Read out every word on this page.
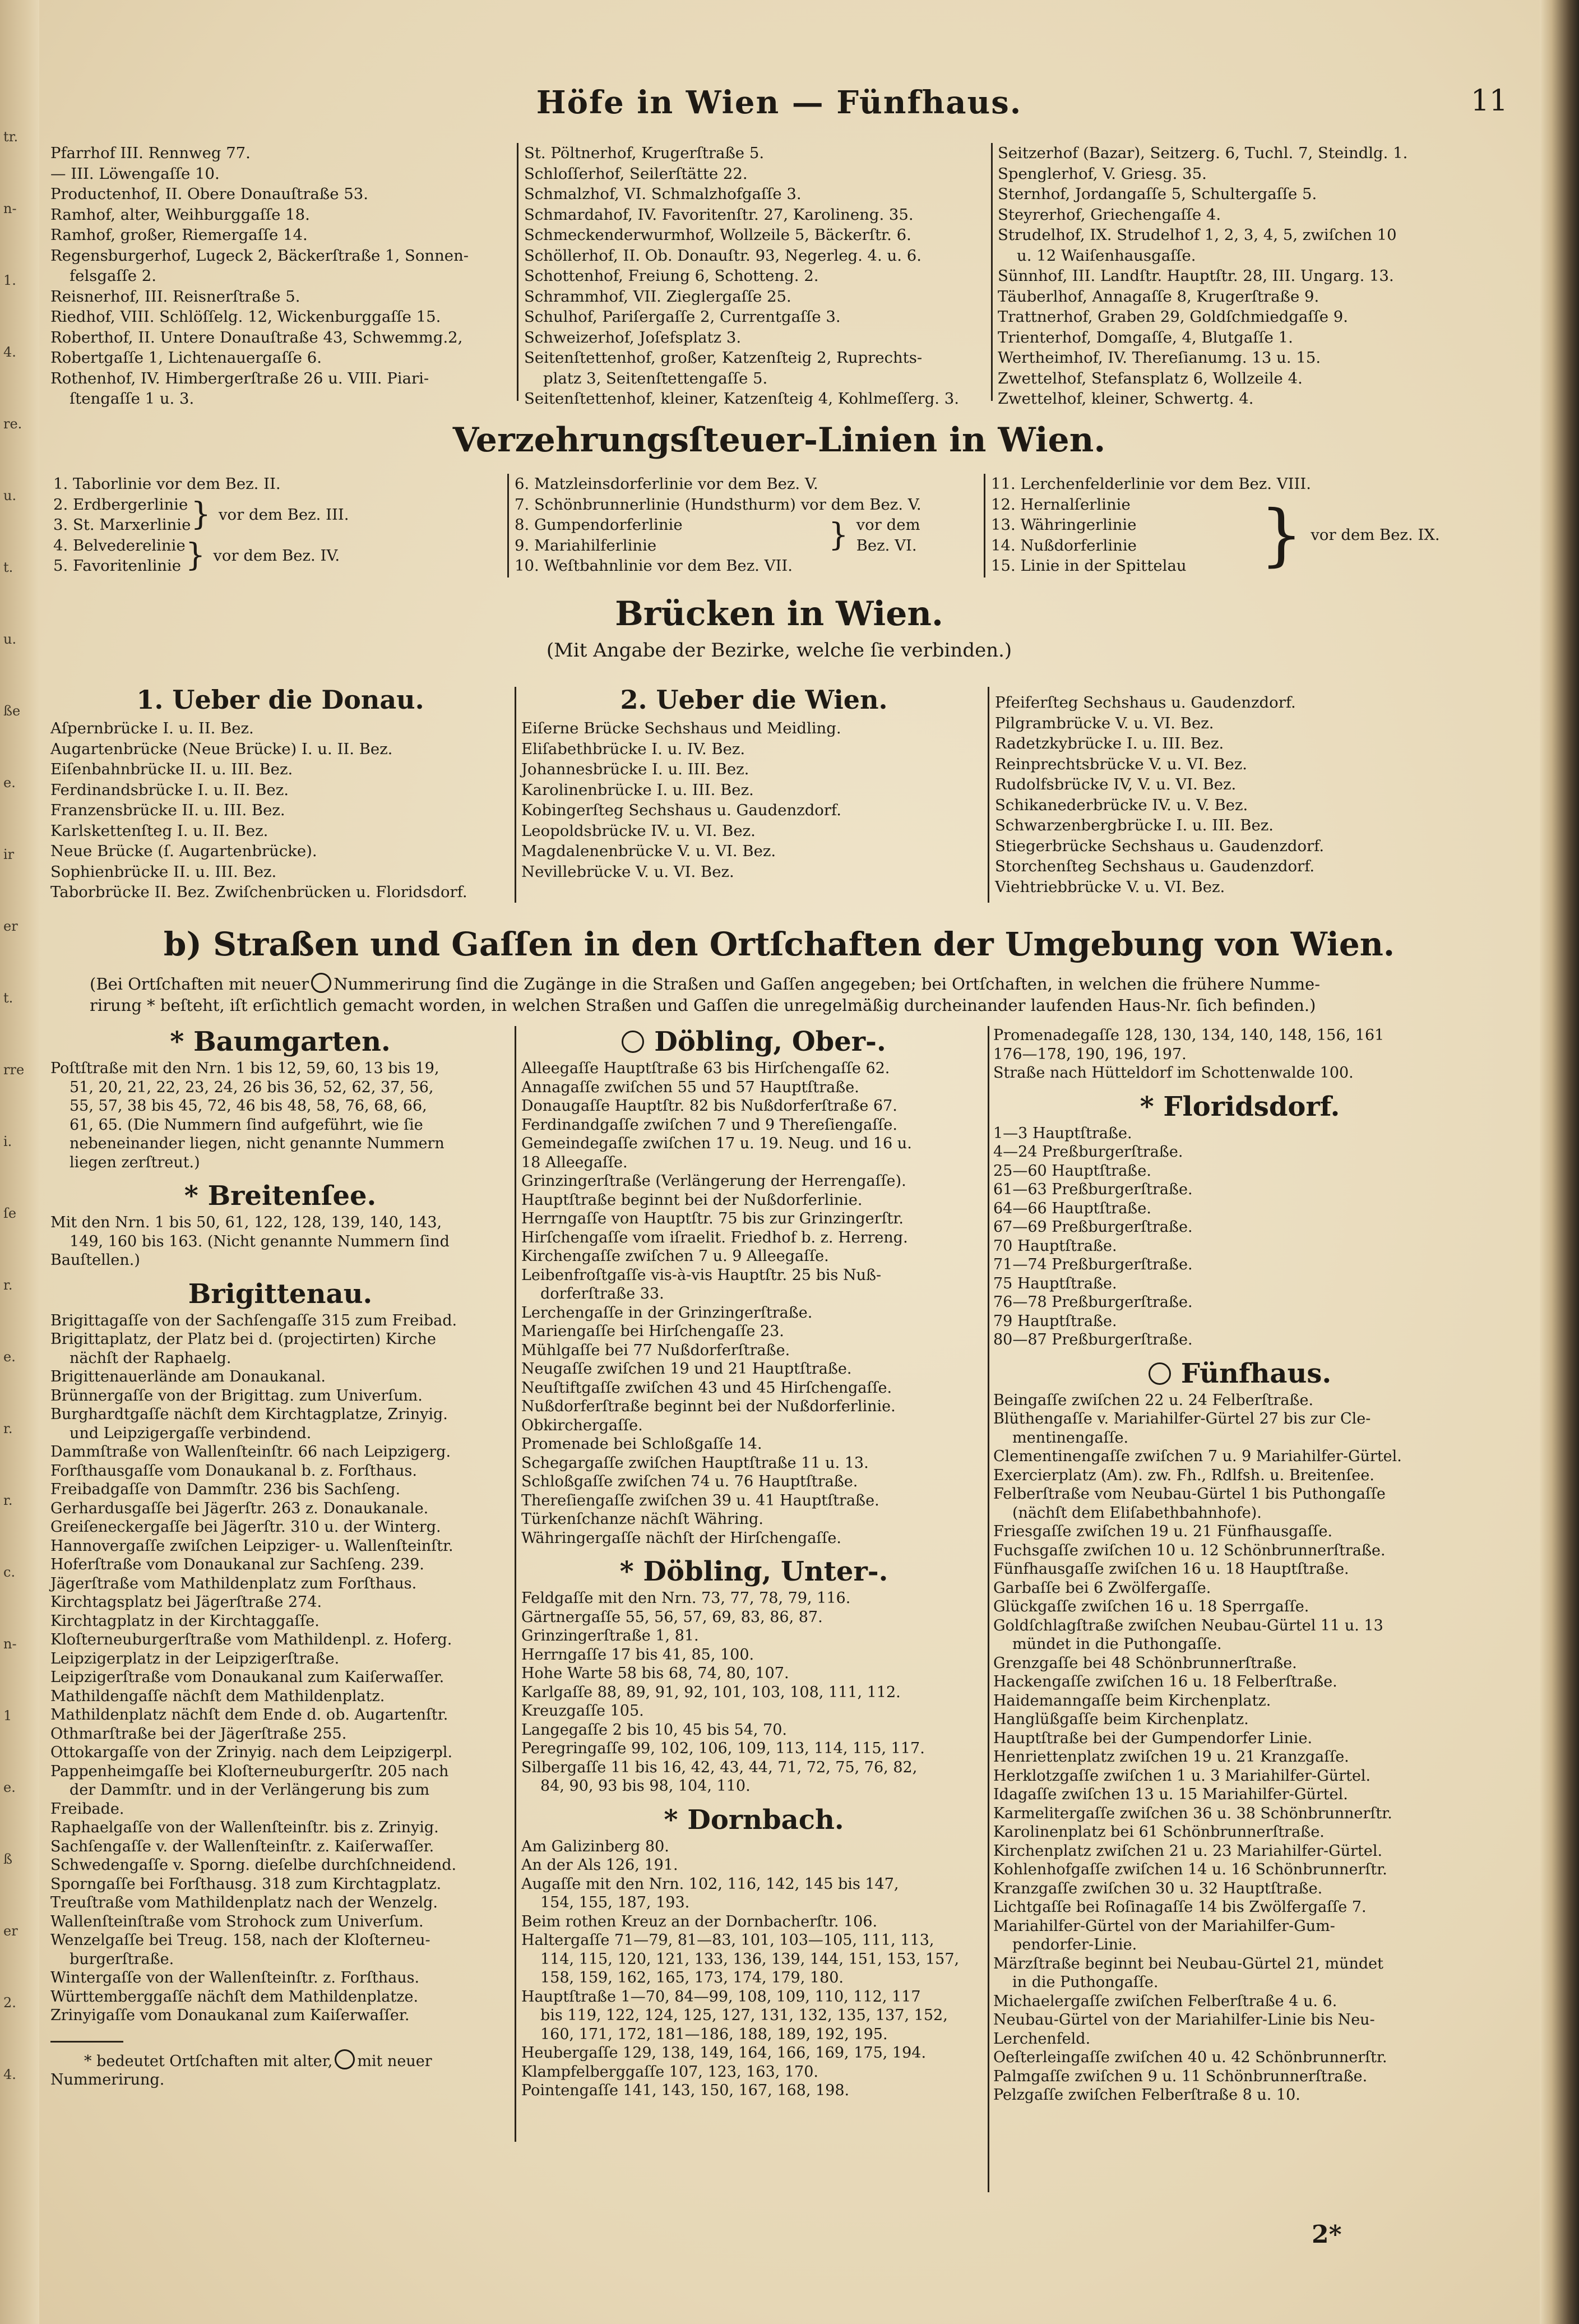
tr.
n-
1.
4.
re.
u.
t.
u.
ße
e.
ir
er
t.
rre
i.
ſe
r.
e.
r.
r.
c.
n-
1
e.
ß
er
2.
4.
Höfe in Wien — Fünfhaus.	11
Pfarrhof III. Rennweg 77.
— III. Löwengaſſe 10.
Productenhof, II. Obere Donauſtraße 53.
Ramhof, alter, Weihburggaſſe 18.
Ramhof, großer, Riemergaſſe 14.
Regensburgerhof, Lugeck 2, Bäckerſtraße 1, Sonnen-
felsgaſſe 2.
Reisnerhof, III. Reisnerſtraße 5.
Riedhof, VIII. Schlöſſelg. 12, Wickenburggaſſe 15.
Roberthof, II. Untere Donauſtraße 43, Schwemmg.2,
Robertgaſſe 1, Lichtenauergaſſe 6.
Rothenhof, IV. Himbergerſtraße 26 u. VIII. Piari-
ſtengaſſe 1 u. 3.
St. Pöltnerhof, Krugerſtraße 5.
Schloſſerhof, Seilerſtätte 22.
Schmalzhof, VI. Schmalzhofgaſſe 3.
Schmardahof, IV. Favoritenſtr. 27, Karolineng. 35.
Schmeckenderwurmhof, Wollzeile 5, Bäckerſtr. 6.
Schöllerhof, II. Ob. Donauſtr. 93, Negerleg. 4. u. 6.
Schottenhof, Freiung 6, Schotteng. 2.
Schrammhof, VII. Zieglergaſſe 25.
Schulhof, Pariſergaſſe 2, Currentgaſſe 3.
Schweizerhof, Joſefsplatz 3.
Seitenſtettenhof, großer, Katzenſteig 2, Ruprechts-
platz 3, Seitenſtettengaſſe 5.
Seitenſtettenhof, kleiner, Katzenſteig 4, Kohlmeſſerg. 3.
Seitzerhof (Bazar), Seitzerg. 6, Tuchl. 7, Steindlg. 1.
Spenglerhof, V. Griesg. 35.
Sternhof, Jordangaſſe 5, Schultergaſſe 5.
Steyrerhof, Griechengaſſe 4.
Strudelhof, IX. Strudelhof 1, 2, 3, 4, 5, zwiſchen 10
u. 12 Waiſenhausgaſſe.
Sünnhof, III. Landſtr. Hauptſtr. 28, III. Ungarg. 13.
Täuberlhof, Annagaſſe 8, Krugerſtraße 9.
Trattnerhof, Graben 29, Goldſchmiedgaſſe 9.
Trienterhof, Domgaſſe, 4, Blutgaſſe 1.
Wertheimhof, IV. Thereſianumg. 13 u. 15.
Zwettelhof, Stefansplatz 6, Wollzeile 4.
Zwettelhof, kleiner, Schwertg. 4.
Verzehrungsſteuer-Linien in Wien.
1. Taborlinie vor dem Bez. II.
2. Erdbergerlinie
3. St. Marxerlinie } vor dem Bez. III.
4. Belvederelinie
5. Favoritenlinie } vor dem Bez. IV.
6. Matzleinsdorferlinie vor dem Bez. V.
7. Schönbrunnerlinie (Hundsthurm) vor dem Bez. V.
8. Gumpendorferlinie
9. Mariahilferlinie	} vor dem
Bez. VI.
10. Weſtbahnlinie vor dem Bez. VII.
11. Lerchenfelderlinie vor dem Bez. VIII.
12. Hernalſerlinie
13. Währingerlinie
14. Nußdorferlinie
15. Linie in der Spittelau	} vor dem Bez. IX.
Brücken in Wien.
(Mit Angabe der Bezirke, welche ſie verbinden.)
1. Ueber die Donau.
Aſpernbrücke I. u. II. Bez.
Augartenbrücke (Neue Brücke) I. u. II. Bez.
Eiſenbahnbrücke II. u. III. Bez.
Ferdinandsbrücke I. u. II. Bez.
Franzensbrücke II. u. III. Bez.
Karlskettenſteg I. u. II. Bez.
Neue Brücke (ſ. Augartenbrücke).
Sophienbrücke II. u. III. Bez.
Taborbrücke II. Bez. Zwiſchenbrücken u. Floridsdorf.
2. Ueber die Wien.
Eiſerne Brücke Sechshaus und Meidling.
Eliſabethbrücke I. u. IV. Bez.
Johannesbrücke I. u. III. Bez.
Karolinenbrücke I. u. III. Bez.
Kobingerſteg Sechshaus u. Gaudenzdorf.
Leopoldsbrücke IV. u. VI. Bez.
Magdalenenbrücke V. u. VI. Bez.
Nevillebrücke V. u. VI. Bez.
Pfeiferſteg Sechshaus u. Gaudenzdorf.
Pilgrambrücke V. u. VI. Bez.
Radetzkybrücke I. u. III. Bez.
Reinprechtsbrücke V. u. VI. Bez.
Rudolfsbrücke IV, V. u. VI. Bez.
Schikanederbrücke IV. u. V. Bez.
Schwarzenbergbrücke I. u. III. Bez.
Stiegerbrücke Sechshaus u. Gaudenzdorf.
Storchenſteg Sechshaus u. Gaudenzdorf.
Viehtriebbrücke V. u. VI. Bez.
b) Straßen und Gaſſen in den Ortſchaften der Umgebung von Wien.
(Bei Ortſchaften mit neuer Nummerirung ſind die Zugänge in die Straßen und Gaſſen angegeben; bei Ortſchaften, in welchen die frühere Numme-
rirung * beſteht, iſt erſichtlich gemacht worden, in welchen Straßen und Gaſſen die unregelmäßig durcheinander laufenden Haus-Nr. ſich befinden.)
* Baumgarten.
Poſtſtraße mit den Nrn. 1 bis 12, 59, 60, 13 bis 19,
51, 20, 21, 22, 23, 24, 26 bis 36, 52, 62, 37, 56,
55, 57, 38 bis 45, 72, 46 bis 48, 58, 76, 68, 66,
61, 65. (Die Nummern ſind aufgeführt, wie ſie
nebeneinander liegen, nicht genannte Nummern
liegen zerſtreut.)
* Breitenſee.
Mit den Nrn. 1 bis 50, 61, 122, 128, 139, 140, 143,
149, 160 bis 163. (Nicht genannte Nummern ſind
Bauſtellen.)
Brigittenau.
Brigittagaſſe von der Sachſengaſſe 315 zum Freibad.
Brigittaplatz, der Platz bei d. (projectirten) Kirche
nächſt der Raphaelg.
Brigittenauerlände am Donaukanal.
Brünnergaſſe von der Brigittag. zum Univerſum.
Burghardtgaſſe nächſt dem Kirchtagplatze, Zrinyig.
und Leipzigergaſſe verbindend.
Dammſtraße von Wallenſteinſtr. 66 nach Leipzigerg.
Forſthausgaſſe vom Donaukanal b. z. Forſthaus.
Freibadgaſſe von Dammſtr. 236 bis Sachſeng.
Gerhardusgaſſe bei Jägerſtr. 263 z. Donaukanale.
Greiſeneckergaſſe bei Jägerſtr. 310 u. der Winterg.
Hannovergaſſe zwiſchen Leipziger- u. Wallenſteinſtr.
Hoferſtraße vom Donaukanal zur Sachſeng. 239.
Jägerſtraße vom Mathildenplatz zum Forſthaus.
Kirchtagsplatz bei Jägerſtraße 274.
Kirchtagplatz in der Kirchtaggaſſe.
Kloſterneuburgerſtraße vom Mathildenpl. z. Hoferg.
Leipzigerplatz in der Leipzigerſtraße.
Leipzigerſtraße vom Donaukanal zum Kaiſerwaſſer.
Mathildengaſſe nächſt dem Mathildenplatz.
Mathildenplatz nächſt dem Ende d. ob. Augartenſtr.
Othmarſtraße bei der Jägerſtraße 255.
Ottokargaſſe von der Zrinyig. nach dem Leipzigerpl.
Pappenheimgaſſe bei Kloſterneuburgerſtr. 205 nach
der Dammſtr. und in der Verlängerung bis zum
Freibade.
Raphaelgaſſe von der Wallenſteinſtr. bis z. Zrinyig.
Sachſengaſſe v. der Wallenſteinſtr. z. Kaiſerwaſſer.
Schwedengaſſe v. Sporng. dieſelbe durchſchneidend.
Sporngaſſe bei Forſthausg. 318 zum Kirchtagplatz.
Treuſtraße vom Mathildenplatz nach der Wenzelg.
Wallenſteinſtraße vom Strohock zum Univerſum.
Wenzelgaſſe bei Treug. 158, nach der Kloſterneu-
burgerſtraße.
Wintergaſſe von der Wallenſteinſtr. z. Forſthaus.
Württemberggaſſe nächſt dem Mathildenplatze.
Zrinyigaſſe vom Donaukanal zum Kaiſerwaſſer.
* bedeutet Ortſchaften mit alter, mit neuer
Nummerirung.
Döbling, Ober-.
Alleegaſſe Hauptſtraße 63 bis Hirſchengaſſe 62.
Annagaſſe zwiſchen 55 und 57 Hauptſtraße.
Donaugaſſe Hauptſtr. 82 bis Nußdorferſtraße 67.
Ferdinandgaſſe zwiſchen 7 und 9 Thereſiengaſſe.
Gemeindegaſſe zwiſchen 17 u. 19. Neug. und 16 u.
18 Alleegaſſe.
Grinzingerſtraße (Verlängerung der Herrengaſſe).
Hauptſtraße beginnt bei der Nußdorferlinie.
Herrngaſſe von Hauptſtr. 75 bis zur Grinzingerſtr.
Hirſchengaſſe vom iſraelit. Friedhof b. z. Herreng.
Kirchengaſſe zwiſchen 7 u. 9 Alleegaſſe.
Leibenfroſtgaſſe vis-à-vis Hauptſtr. 25 bis Nuß-
dorferſtraße 33.
Lerchengaſſe in der Grinzingerſtraße.
Mariengaſſe bei Hirſchengaſſe 23.
Mühlgaſſe bei 77 Nußdorferſtraße.
Neugaſſe zwiſchen 19 und 21 Hauptſtraße.
Neuſtiftgaſſe zwiſchen 43 und 45 Hirſchengaſſe.
Nußdorferſtraße beginnt bei der Nußdorferlinie.
Obkirchergaſſe.
Promenade bei Schloßgaſſe 14.
Schegargaſſe zwiſchen Hauptſtraße 11 u. 13.
Schloßgaſſe zwiſchen 74 u. 76 Hauptſtraße.
Thereſiengaſſe zwiſchen 39 u. 41 Hauptſtraße.
Türkenſchanze nächſt Währing.
Währingergaſſe nächſt der Hirſchengaſſe.
* Döbling, Unter-.
Feldgaſſe mit den Nrn. 73, 77, 78, 79, 116.
Gärtnergaſſe 55, 56, 57, 69, 83, 86, 87.
Grinzingerſtraße 1, 81.
Herrngaſſe 17 bis 41, 85, 100.
Hohe Warte 58 bis 68, 74, 80, 107.
Karlgaſſe 88, 89, 91, 92, 101, 103, 108, 111, 112.
Kreuzgaſſe 105.
Langegaſſe 2 bis 10, 45 bis 54, 70.
Peregringaſſe 99, 102, 106, 109, 113, 114, 115, 117.
Silbergaſſe 11 bis 16, 42, 43, 44, 71, 72, 75, 76, 82,
84, 90, 93 bis 98, 104, 110.
* Dornbach.
Am Galizinberg 80.
An der Als 126, 191.
Augaſſe mit den Nrn. 102, 116, 142, 145 bis 147,
154, 155, 187, 193.
Beim rothen Kreuz an der Dornbacherſtr. 106.
Haltergaſſe 71—79, 81—83, 101, 103—105, 111, 113,
114, 115, 120, 121, 133, 136, 139, 144, 151, 153, 157,
158, 159, 162, 165, 173, 174, 179, 180.
Hauptſtraße 1—70, 84—99, 108, 109, 110, 112, 117
bis 119, 122, 124, 125, 127, 131, 132, 135, 137, 152,
160, 171, 172, 181—186, 188, 189, 192, 195.
Heubergaſſe 129, 138, 149, 164, 166, 169, 175, 194.
Klampfelberggaſſe 107, 123, 163, 170.
Pointengaſſe 141, 143, 150, 167, 168, 198.
Promenadegaſſe 128, 130, 134, 140, 148, 156, 161
176—178, 190, 196, 197.
Straße nach Hütteldorf im Schottenwalde 100.
* Floridsdorf.
1—3 Hauptſtraße.
4—24 Preßburgerſtraße.
25—60 Hauptſtraße.
61—63 Preßburgerſtraße.
64—66 Hauptſtraße.
67—69 Preßburgerſtraße.
70 Hauptſtraße.
71—74 Preßburgerſtraße.
75 Hauptſtraße.
76—78 Preßburgerſtraße.
79 Hauptſtraße.
80—87 Preßburgerſtraße.
Fünfhaus.
Beingaſſe zwiſchen 22 u. 24 Felberſtraße.
Blüthengaſſe v. Mariahilfer-Gürtel 27 bis zur Cle-
mentinengaſſe.
Clementinengaſſe zwiſchen 7 u. 9 Mariahilfer-Gürtel.
Exercierplatz (Am). zw. Fh., Rdlfsh. u. Breitenſee.
Felberſtraße vom Neubau-Gürtel 1 bis Puthongaſſe
(nächſt dem Eliſabethbahnhofe).
Friesgaſſe zwiſchen 19 u. 21 Fünfhausgaſſe.
Fuchsgaſſe zwiſchen 10 u. 12 Schönbrunnerſtraße.
Fünfhausgaſſe zwiſchen 16 u. 18 Hauptſtraße.
Garbaſſe bei 6 Zwölfergaſſe.
Glückgaſſe zwiſchen 16 u. 18 Sperrgaſſe.
Goldſchlagſtraße zwiſchen Neubau-Gürtel 11 u. 13
mündet in die Puthongaſſe.
Grenzgaſſe bei 48 Schönbrunnerſtraße.
Hackengaſſe zwiſchen 16 u. 18 Felberſtraße.
Haidemanngaſſe beim Kirchenplatz.
Hanglüßgaſſe beim Kirchenplatz.
Hauptſtraße bei der Gumpendorfer Linie.
Henriettenplatz zwiſchen 19 u. 21 Kranzgaſſe.
Herklotzgaſſe zwiſchen 1 u. 3 Mariahilfer-Gürtel.
Idagaſſe zwiſchen 13 u. 15 Mariahilfer-Gürtel.
Karmelitergaſſe zwiſchen 36 u. 38 Schönbrunnerſtr.
Karolinenplatz bei 61 Schönbrunnerſtraße.
Kirchenplatz zwiſchen 21 u. 23 Mariahilfer-Gürtel.
Kohlenhofgaſſe zwiſchen 14 u. 16 Schönbrunnerſtr.
Kranzgaſſe zwiſchen 30 u. 32 Hauptſtraße.
Lichtgaſſe bei Roſinagaſſe 14 bis Zwölfergaſſe 7.
Mariahilfer-Gürtel von der Mariahilfer-Gum-
pendorfer-Linie.
Märzſtraße beginnt bei Neubau-Gürtel 21, mündet
in die Puthongaſſe.
Michaelergaſſe zwiſchen Felberſtraße 4 u. 6.
Neubau-Gürtel von der Mariahilfer-Linie bis Neu-
Lerchenfeld.
Oeſterleingaſſe zwiſchen 40 u. 42 Schönbrunnerſtr.
Palmgaſſe zwiſchen 9 u. 11 Schönbrunnerſtraße.
Pelzgaſſe zwiſchen Felberſtraße 8 u. 10.
2*
